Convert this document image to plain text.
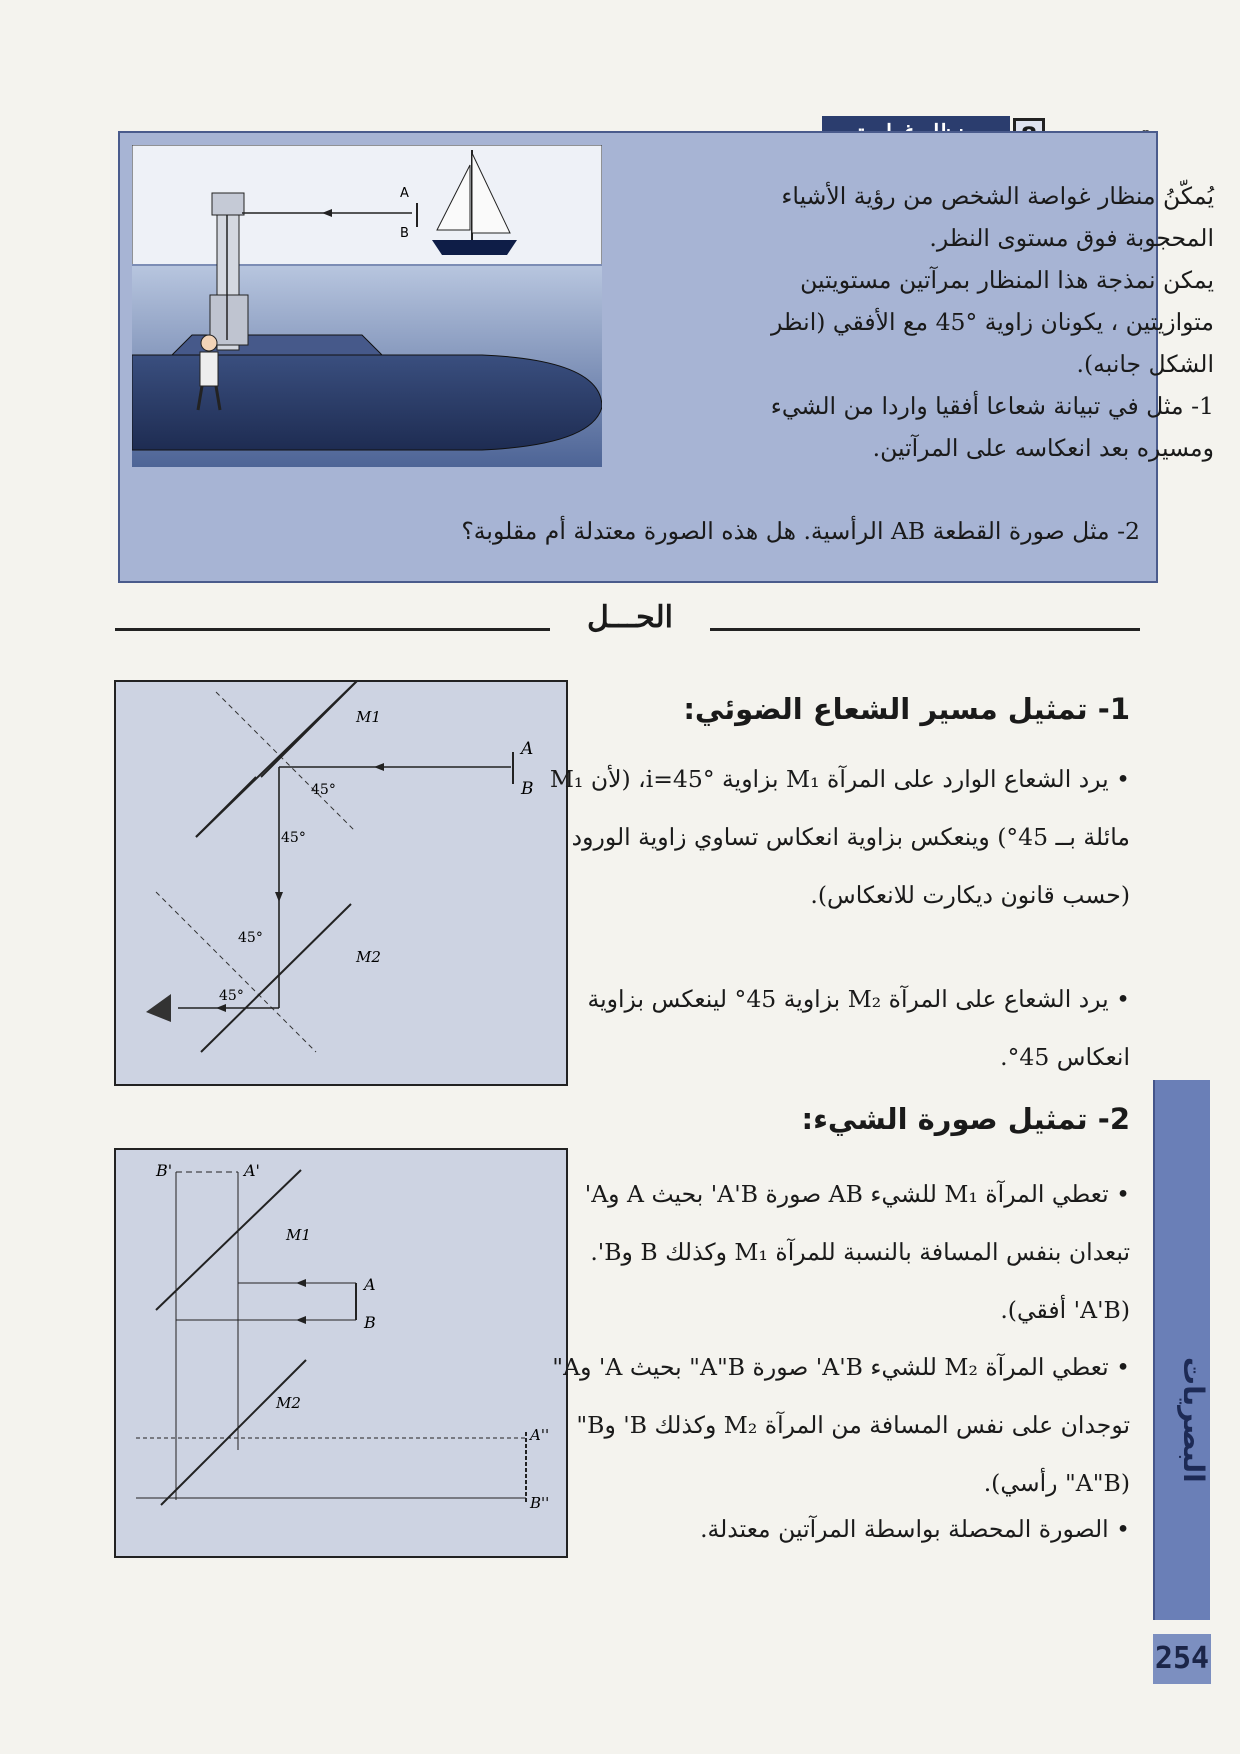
A
B

يُمكّنُ منظار غواصة الشخص من رؤية الأشياء المحجوبة فوق مستوى النظر.

يمكن نمذجة هذا المنظار بمرآتين مستويتين متوازيتين ، يكونان زاوية °45 مع الأفقي (انظر الشكل جانبه).

1- مثل في تبيانة شعاعا أفقيا واردا من الشيء ومسيره بعد انعكاسه على المرآتين.

2- مثل صورة القطعة AB الرأسية. هل هذه الصورة معتدلة أم مقلوبة؟
الحـــل
A
B
M1
M2
45°
45°
45°
45°
B'	A'
M1
M2
A
B
A''
B''
1- تمثيل مسير الشعاع الضوئي:
• يرد الشعاع الوارد على المرآة M₁ بزاوية i=45°، (لأن M₁ مائلة بــ 45°) وينعكس بزاوية انعكاس تساوي زاوية الورود (حسب قانون ديكارت للانعكاس).
• يرد الشعاع على المرآة M₂ بزاوية 45° لينعكس بزاوية انعكاس 45°.
2- تمثيل صورة الشيء:
• تعطي المرآة M₁ للشيء AB صورة A'B' بحيث A وA' تبعدان بنفس المسافة بالنسبة للمرآة M₁ وكذلك B وB'. (A'B' أفقي).
• تعطي المرآة M₂ للشيء A'B' صورة A"B" بحيث A' وA" توجدان على نفس المسافة من المرآة M₂ وكذلك B' وB" (A"B" رأسي).
• الصورة المحصلة بواسطة المرآتين معتدلة.
البصريات
254
